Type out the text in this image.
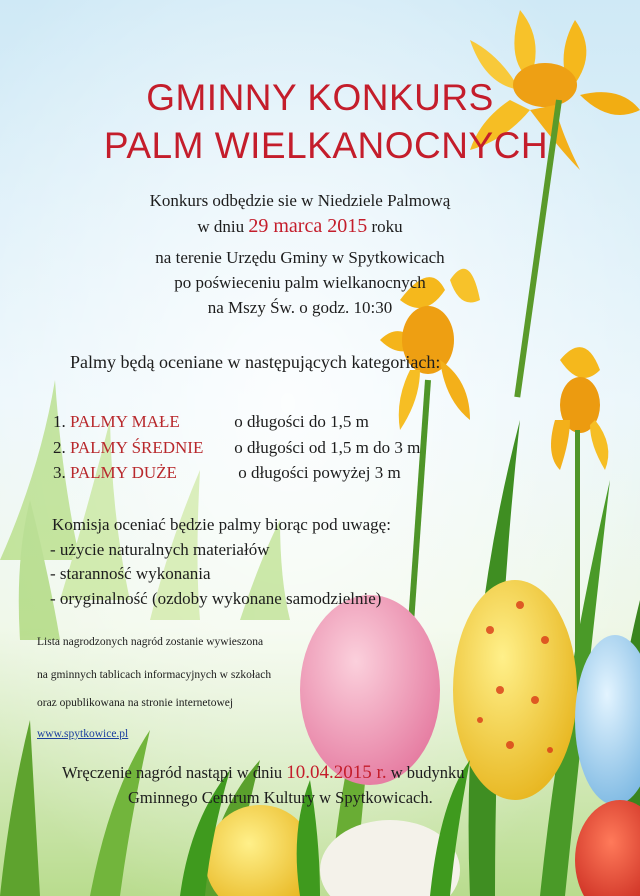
GMINNY KONKURS
PALM WIELKANOCNYCH
Konkurs odbędzie sie w Niedziele Palmową
w dniu 29 marca 2015 roku
na terenie Urzędu Gminy w Spytkowicach
po poświeceniu palm wielkanocnych
na Mszy Św. o godz. 10:30
Palmy będą oceniane w następujących kategoriach:
1. PALMY MAŁE	o długości do 1,5 m
2. PALMY ŚREDNIE o długości od 1,5 m do 3 m
3. PALMY DUŻE	o długości powyżej 3 m
Komisja oceniać będzie palmy biorąc pod uwagę:
- użycie naturalnych materiałów
- staranność wykonania
- oryginalność (ozdoby wykonane samodzielnie)
Lista nagrodzonych nagród zostanie wywieszona
na gminnych tablicach informacyjnych w szkołach
oraz opublikowana na stronie internetowej
www.spytkowice.pl
Wręczenie nagród nastąpi w dniu 10.04.2015 r. w budynku
Gminnego Centrum Kultury w Spytkowicach.
